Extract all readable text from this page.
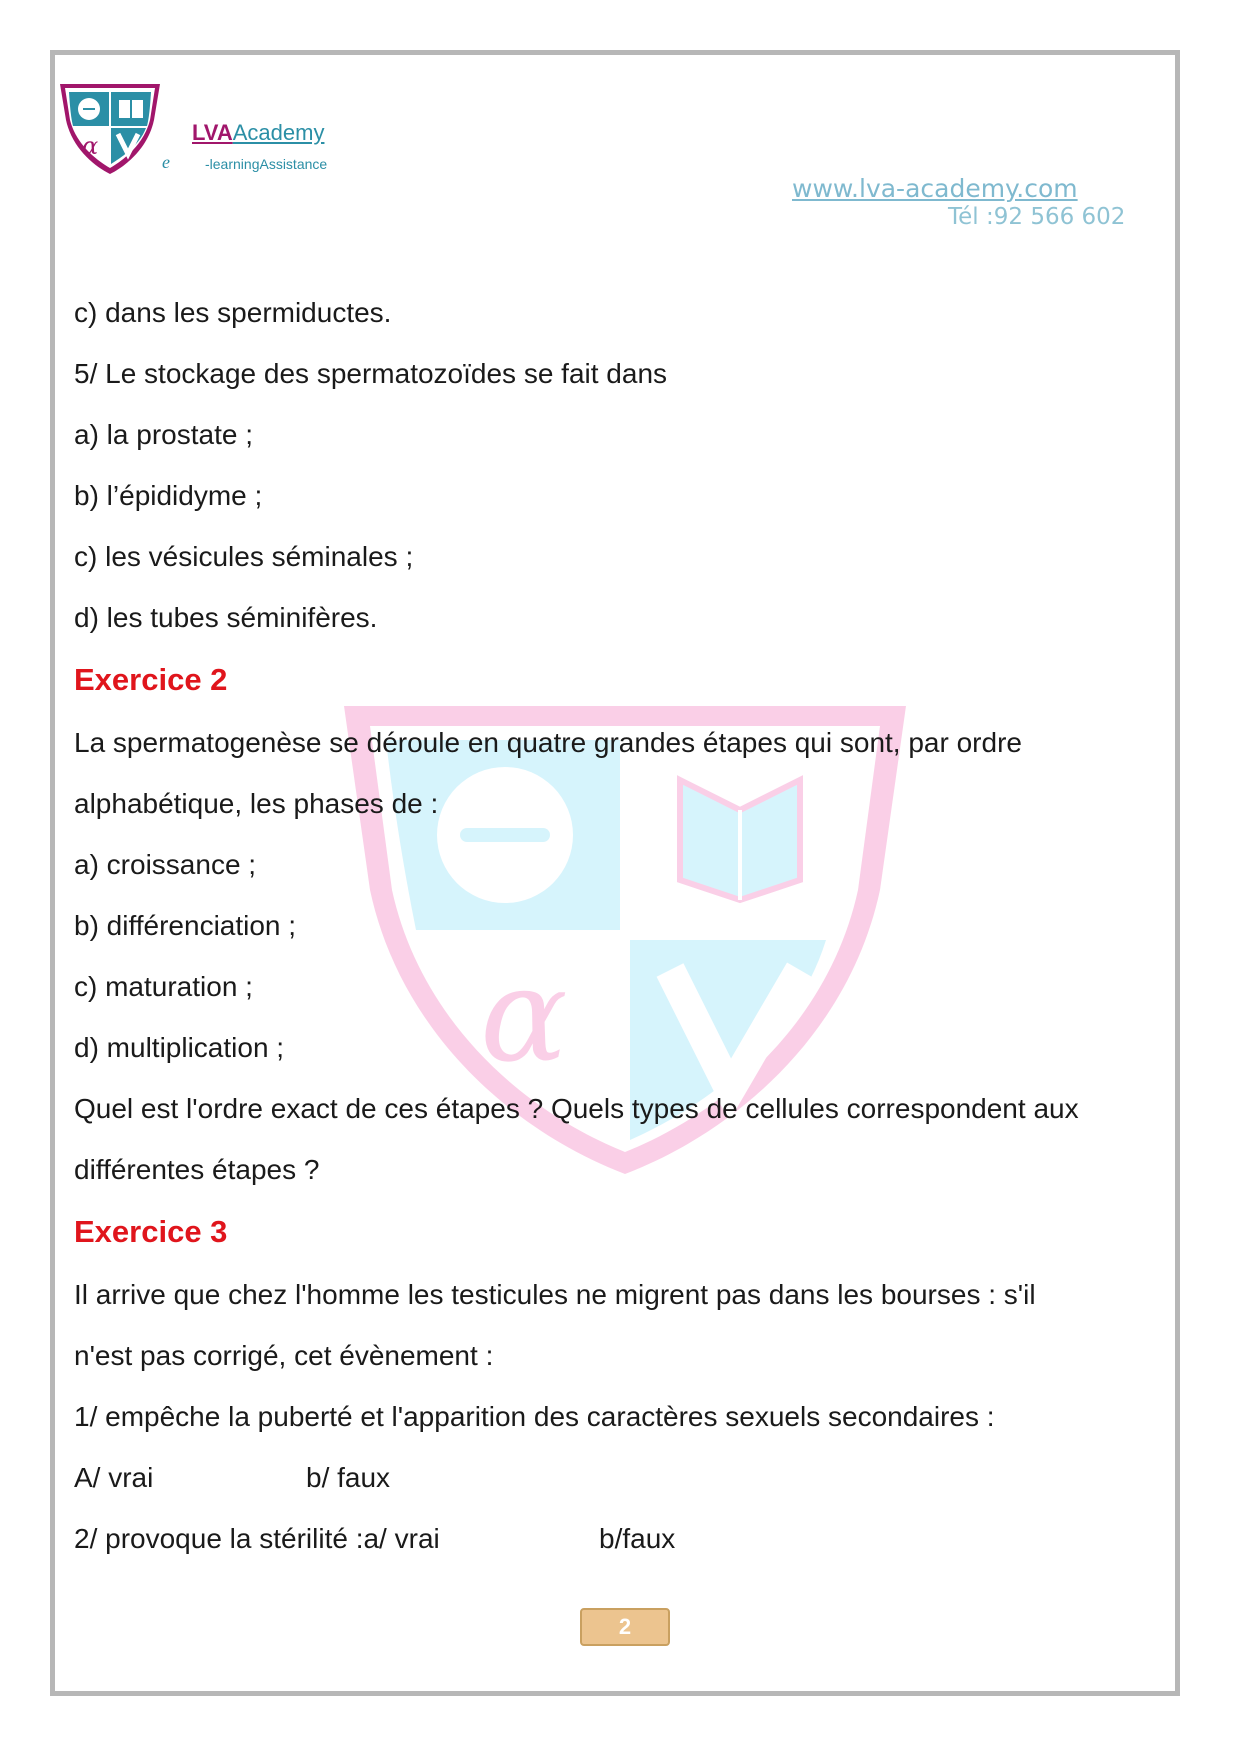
α
e
LVAAcademy
-learningAssistance
www.lva-academy.com
Tél :92 566 602
α
c) dans les spermiductes.
5/ Le stockage des spermatozoïdes se fait dans
a) la prostate ;
b) l’épididyme ;
c) les vésicules séminales ;
d) les tubes séminifères.
Exercice 2
La spermatogenèse se déroule en quatre grandes étapes qui sont, par ordre
alphabétique, les phases de :
a) croissance ;
b) différenciation ;
c) maturation ;
d) multiplication ;
Quel est l'ordre exact de ces étapes ? Quels types de cellules correspondent aux
différentes étapes ?
Exercice 3
Il arrive que chez l'homme les testicules ne migrent pas dans les bourses : s'il
n'est pas corrigé, cet évènement :
1/ empêche la puberté et l'apparition des caractères sexuels secondaires :
A/ vrai	b/ faux
2/ provoque la stérilité :a/ vrai	b/faux
2
